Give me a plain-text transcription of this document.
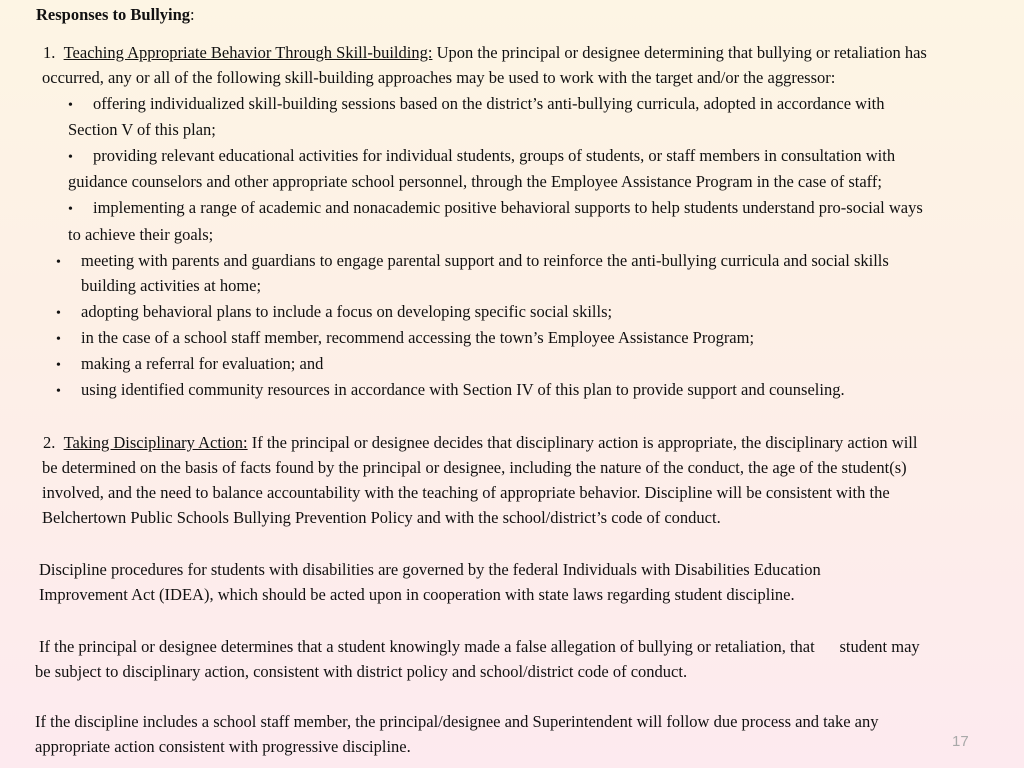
Responses to Bullying:
1. Teaching Appropriate Behavior Through Skill-building: Upon the principal or designee determining that bullying or retaliation has
occurred, any or all of the following skill-building approaches may be used to work with the target and/or the aggressor:
• offering individualized skill-building sessions based on the district’s anti-bullying curricula, adopted in accordance with
Section V of this plan;
• providing relevant educational activities for individual students, groups of students, or staff members in consultation with
guidance counselors and other appropriate school personnel, through the Employee Assistance Program in the case of staff;
• implementing a range of academic and nonacademic positive behavioral supports to help students understand pro-social ways
to achieve their goals;
• meeting with parents and guardians to engage parental support and to reinforce the anti-bullying curricula and social skills
building activities at home;
• adopting behavioral plans to include a focus on developing specific social skills;
• in the case of a school staff member, recommend accessing the town’s Employee Assistance Program;
• making a referral for evaluation; and
• using identified community resources in accordance with Section IV of this plan to provide support and counseling.
2. Taking Disciplinary Action: If the principal or designee decides that disciplinary action is appropriate, the disciplinary action will
be determined on the basis of facts found by the principal or designee, including the nature of the conduct, the age of the student(s)
involved, and the need to balance accountability with the teaching of appropriate behavior. Discipline will be consistent with the
Belchertown Public Schools Bullying Prevention Policy and with the school/district’s code of conduct.
Discipline procedures for students with disabilities are governed by the federal Individuals with Disabilities Education
Improvement Act (IDEA), which should be acted upon in cooperation with state laws regarding student discipline.
If the principal or designee determines that a student knowingly made a false allegation of bullying or retaliation, that  student may
be subject to disciplinary action, consistent with district policy and school/district code of conduct.
If the discipline includes a school staff member, the principal/designee and Superintendent will follow due process and take any
appropriate action consistent with progressive discipline.	17
